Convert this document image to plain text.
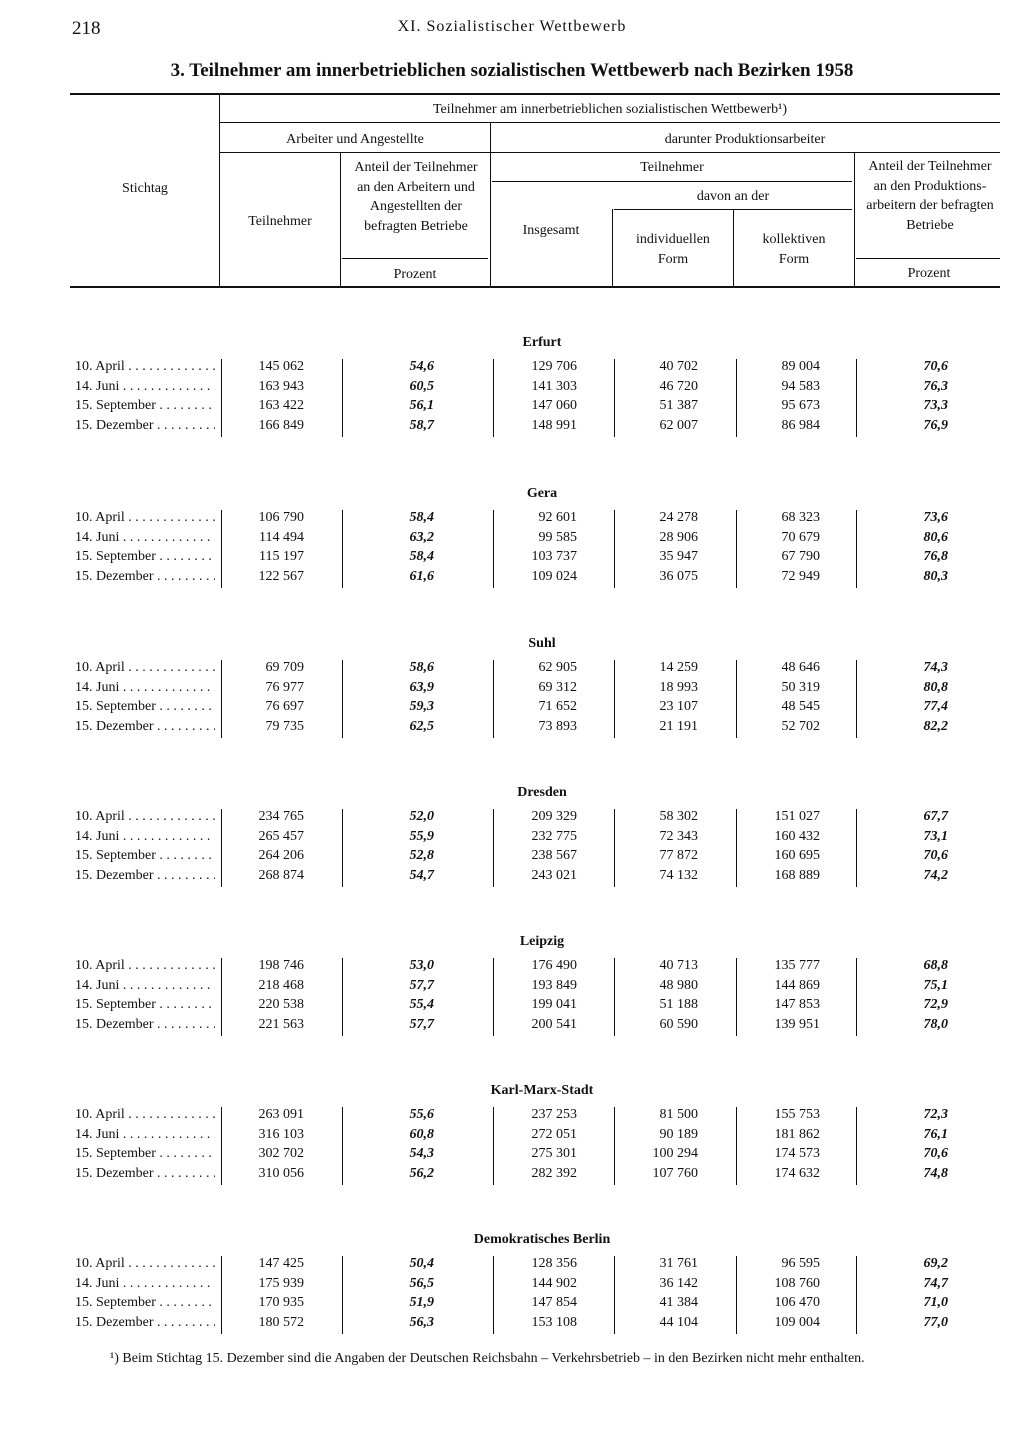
218	XI. Sozialistischer Wettbewerb
3. Teilnehmer am innerbetrieblichen sozialistischen Wettbewerb nach Bezirken 1958
Stichtag
Teilnehmer am innerbetrieblichen sozialistischen Wettbewerb¹)
Arbeiter und Angestellte	darunter Produktionsarbeiter
Teilnehmer
Anteil der Teilnehmer an den Arbeitern und Angestellten der befragten Betriebe
Prozent
Teilnehmer
davon an der
Insgesamt
individuellen Form
kollektiven Form
Anteil der Teilnehmer an den Produktions-arbeitern der befragten Betriebe
Prozent
Erfurt
10. April . . .	145 062	54,6	129 706	40 702	89 004	70,6
14. Juni . . .	163 943	60,5	141 303	46 720	94 583	76,3
15. September . . .	163 422	56,1	147 060	51 387	95 673	73,3
15. Dezember . . .	166 849	58,7	148 991	62 007	86 984	76,9
Gera
10. April . . .	106 790	58,4	92 601	24 278	68 323	73,6
14. Juni . . .	114 494	63,2	99 585	28 906	70 679	80,6
15. September . . .	115 197	58,4	103 737	35 947	67 790	76,8
15. Dezember . . .	122 567	61,6	109 024	36 075	72 949	80,3
Suhl
10. April . . .	69 709	58,6	62 905	14 259	48 646	74,3
14. Juni . . .	76 977	63,9	69 312	18 993	50 319	80,8
15. September . . .	76 697	59,3	71 652	23 107	48 545	77,4
15. Dezember . . .	79 735	62,5	73 893	21 191	52 702	82,2
Dresden
10. April . . .	234 765	52,0	209 329	58 302	151 027	67,7
14. Juni . . .	265 457	55,9	232 775	72 343	160 432	73,1
15. September . . .	264 206	52,8	238 567	77 872	160 695	70,6
15. Dezember . . .	268 874	54,7	243 021	74 132	168 889	74,2
Leipzig
10. April . . .	198 746	53,0	176 490	40 713	135 777	68,8
14. Juni . . .	218 468	57,7	193 849	48 980	144 869	75,1
15. September . . .	220 538	55,4	199 041	51 188	147 853	72,9
15. Dezember . . .	221 563	57,7	200 541	60 590	139 951	78,0
Karl-Marx-Stadt
10. April . . .	263 091	55,6	237 253	81 500	155 753	72,3
14. Juni . . .	316 103	60,8	272 051	90 189	181 862	76,1
15. September . . .	302 702	54,3	275 301	100 294	174 573	70,6
15. Dezember . . .	310 056	56,2	282 392	107 760	174 632	74,8
Demokratisches Berlin
10. April . . .	147 425	50,4	128 356	31 761	96 595	69,2
14. Juni . . .	175 939	56,5	144 902	36 142	108 760	74,7
15. September . . .	170 935	51,9	147 854	41 384	106 470	71,0
15. Dezember . . .	180 572	56,3	153 108	44 104	109 004	77,0
¹) Beim Stichtag 15. Dezember sind die Angaben der Deutschen Reichsbahn – Verkehrsbetrieb – in den Bezirken nicht mehr enthalten.
